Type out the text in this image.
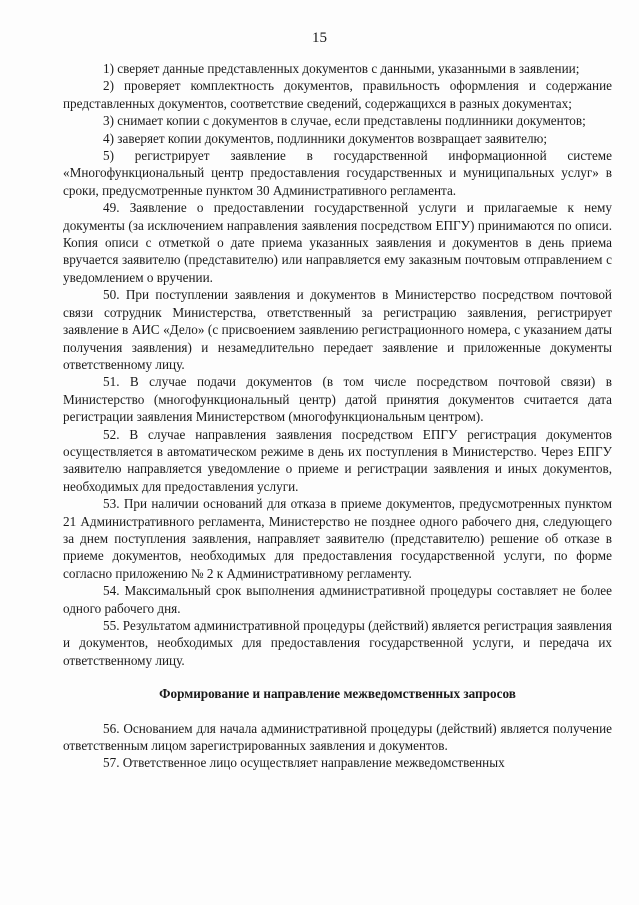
15

1) сверяет данные представленных документов с данными, указанными в заявлении;

2) проверяет комплектность документов, правильность оформления и содержание представленных документов, соответствие сведений, содержащихся в разных документах;

3) снимает копии с документов в случае, если представлены подлинники документов;

4) заверяет копии документов, подлинники документов возвращает заявителю;

5) регистрирует заявление в государственной информационной системе «Многофункциональный центр предоставления государственных и муниципальных услуг» в сроки, предусмотренные пунктом 30 Административного регламента.

49. Заявление о предоставлении государственной услуги и прилагаемые к нему документы (за исключением направления заявления посредством ЕПГУ) принимаются по описи. Копия описи с отметкой о дате приема указанных заявления и документов в день приема вручается заявителю (представителю) или направляется ему заказным почтовым отправлением с уведомлением о вручении.

50. При поступлении заявления и документов в Министерство посредством почтовой связи сотрудник Министерства, ответственный за регистрацию заявления, регистрирует заявление в АИС «Дело» (с присвоением заявлению регистрационного номера, с указанием даты получения заявления) и незамедлительно передает заявление и приложенные документы ответственному лицу.

51. В случае подачи документов (в том числе посредством почтовой связи) в Министерство (многофункциональный центр) датой принятия документов считается дата регистрации заявления Министерством (многофункциональным центром).

52. В случае направления заявления посредством ЕПГУ регистрация документов осуществляется в автоматическом режиме в день их поступления в Министерство. Через ЕПГУ заявителю направляется уведомление о приеме и регистрации заявления и иных документов, необходимых для предоставления услуги.

53. При наличии оснований для отказа в приеме документов, предусмотренных пунктом 21 Административного регламента, Министерство не позднее одного рабочего дня, следующего за днем поступления заявления, направляет заявителю (представителю) решение об отказе в приеме документов, необходимых для предоставления государственной услуги, по форме согласно приложению № 2 к Административному регламенту.

54. Максимальный срок выполнения административной процедуры составляет не более одного рабочего дня.

55. Результатом административной процедуры (действий) является регистрация заявления и документов, необходимых для предоставления государственной услуги, и передача их ответственному лицу.

Формирование и направление межведомственных запросов

56. Основанием для начала административной процедуры (действий) является получение ответственным лицом зарегистрированных заявления и документов.

57. Ответственное лицо осуществляет направление межведомственных
